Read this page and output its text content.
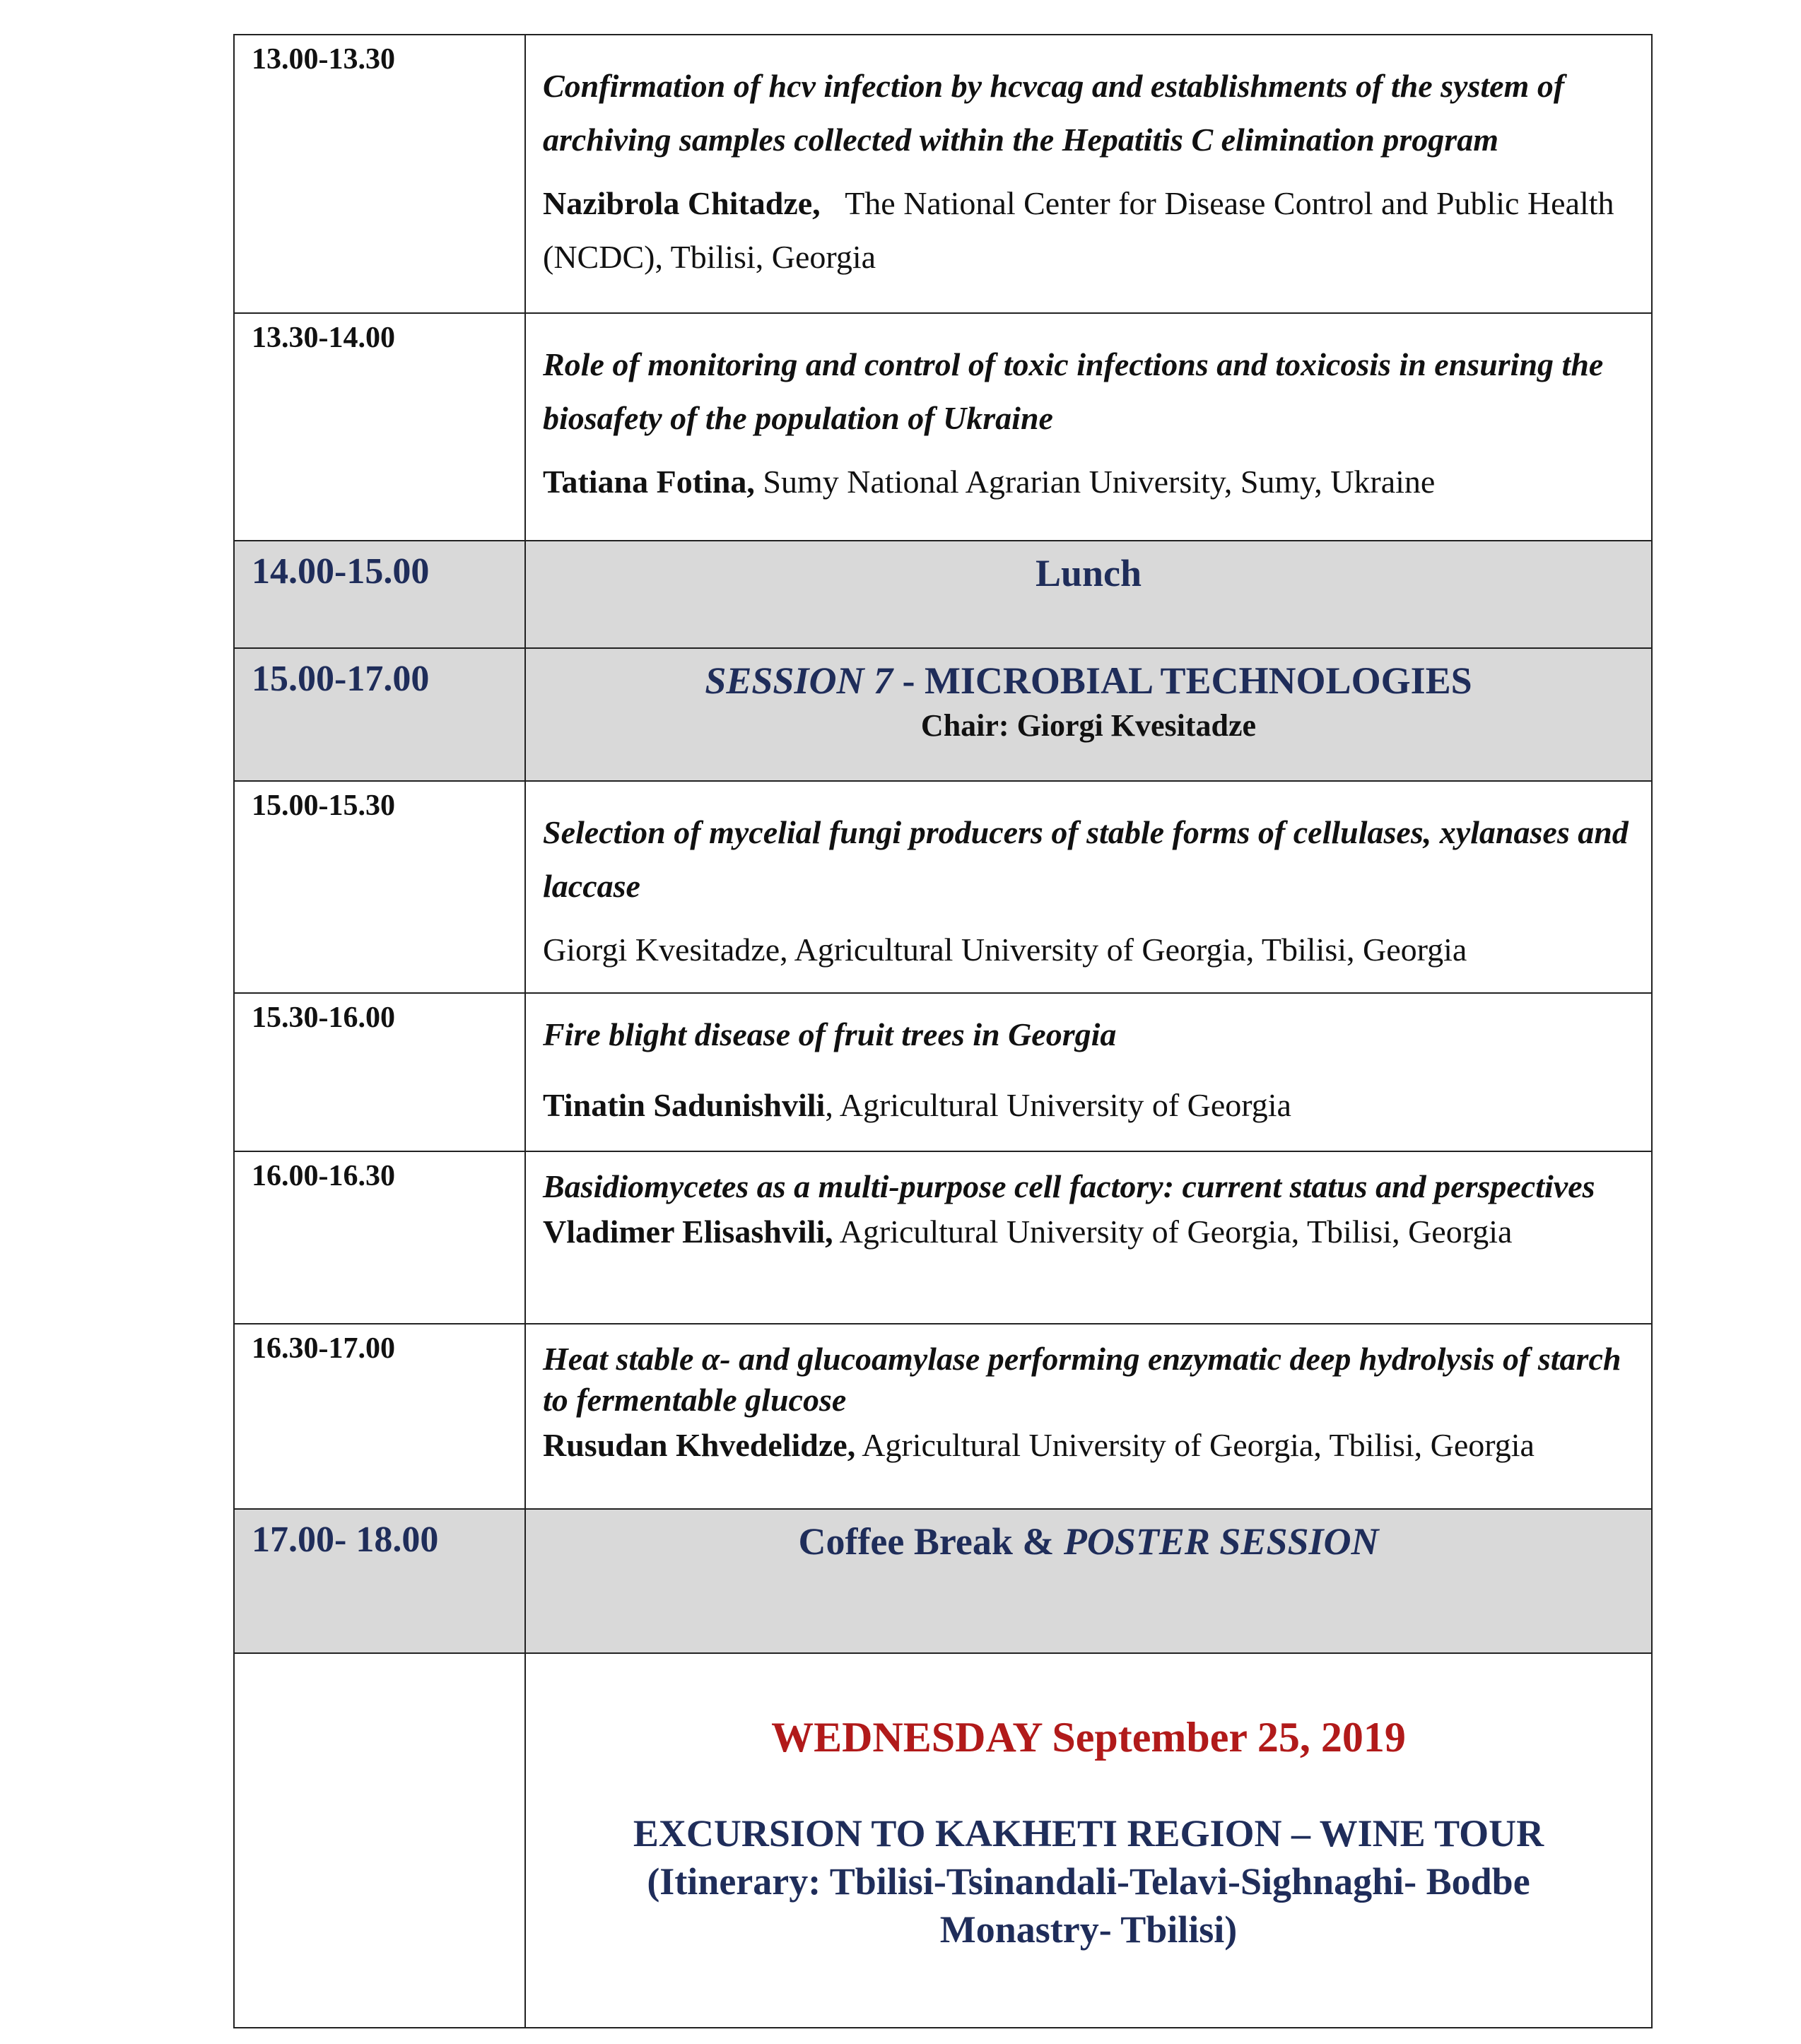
13.00-13.30	Confirmation of hcv infection by hcvcag and establishments of the system of archiving samples collected within the Hepatitis C elimination program
Nazibrola Chitadze, The National Center for Disease Control and Public Health (NCDC), Tbilisi, Georgia

13.30-14.00	Role of monitoring and control of toxic infections and toxicosis in ensuring the biosafety of the population of Ukraine
Tatiana Fotina, Sumy National Agrarian University, Sumy, Ukraine

14.00-15.00	Lunch

15.00-17.00	SESSION 7 - MICROBIAL TECHNOLOGIES
Chair: Giorgi Kvesitadze

15.00-15.30	Selection of mycelial fungi producers of stable forms of cellulases, xylanases and laccase
Giorgi Kvesitadze, Agricultural University of Georgia, Tbilisi, Georgia

15.30-16.00	Fire blight disease of fruit trees in Georgia
Tinatin Sadunishvili, Agricultural University of Georgia

16.00-16.30	Basidiomycetes as a multi-purpose cell factory: current status and perspectives
Vladimer Elisashvili, Agricultural University of Georgia, Tbilisi, Georgia

16.30-17.00	Heat stable α- and glucoamylase performing enzymatic deep hydrolysis of starch to fermentable glucose
Rusudan Khvedelidze, Agricultural University of Georgia, Tbilisi, Georgia

17.00- 18.00	Coffee Break & POSTER SESSION

	WEDNESDAY September 25, 2019
EXCURSION TO KAKHETI REGION – WINE TOUR
(Itinerary: Tbilisi-Tsinandali-Telavi-Sighnaghi- Bodbe Monastry- Tbilisi)
